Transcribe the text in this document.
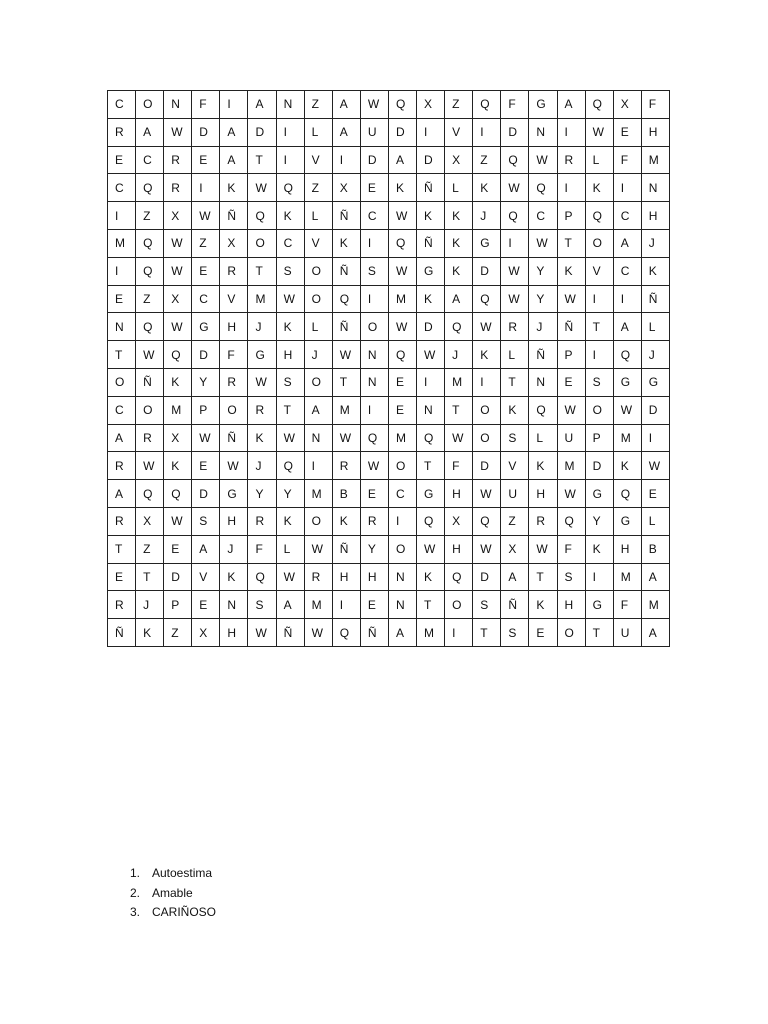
C	O	N	F	I	A	N	Z	A	W	Q	X	Z	Q	F	G	A	Q	X	F
R	A	W	D	A	D	I	L	A	U	D	I	V	I	D	N	I	W	E	H
E	C	R	E	A	T	I	V	I	D	A	D	X	Z	Q	W	R	L	F	M
C	Q	R	I	K	W	Q	Z	X	E	K	Ñ	L	K	W	Q	I	K	I	N
I	Z	X	W	Ñ	Q	K	L	Ñ	C	W	K	K	J	Q	C	P	Q	C	H
M	Q	W	Z	X	O	C	V	K	I	Q	Ñ	K	G	I	W	T	O	A	J
I	Q	W	E	R	T	S	O	Ñ	S	W	G	K	D	W	Y	K	V	C	K
E	Z	X	C	V	M	W	O	Q	I	M	K	A	Q	W	Y	W	I	I	Ñ
N	Q	W	G	H	J	K	L	Ñ	O	W	D	Q	W	R	J	Ñ	T	A	L
T	W	Q	D	F	G	H	J	W	N	Q	W	J	K	L	Ñ	P	I	Q	J
O	Ñ	K	Y	R	W	S	O	T	N	E	I	M	I	T	N	E	S	G	G
C	O	M	P	O	R	T	A	M	I	E	N	T	O	K	Q	W	O	W	D
A	R	X	W	Ñ	K	W	N	W	Q	M	Q	W	O	S	L	U	P	M	I
R	W	K	E	W	J	Q	I	R	W	O	T	F	D	V	K	M	D	K	W
A	Q	Q	D	G	Y	Y	M	B	E	C	G	H	W	U	H	W	G	Q	E
R	X	W	S	H	R	K	O	K	R	I	Q	X	Q	Z	R	Q	Y	G	L
T	Z	E	A	J	F	L	W	Ñ	Y	O	W	H	W	X	W	F	K	H	B
E	T	D	V	K	Q	W	R	H	H	N	K	Q	D	A	T	S	I	M	A
R	J	P	E	N	S	A	M	I	E	N	T	O	S	Ñ	K	H	G	F	M
Ñ	K	Z	X	H	W	Ñ	W	Q	Ñ	A	M	I	T	S	E	O	T	U	A
1. Autoestima
2. Amable
3. CARIÑOSO
